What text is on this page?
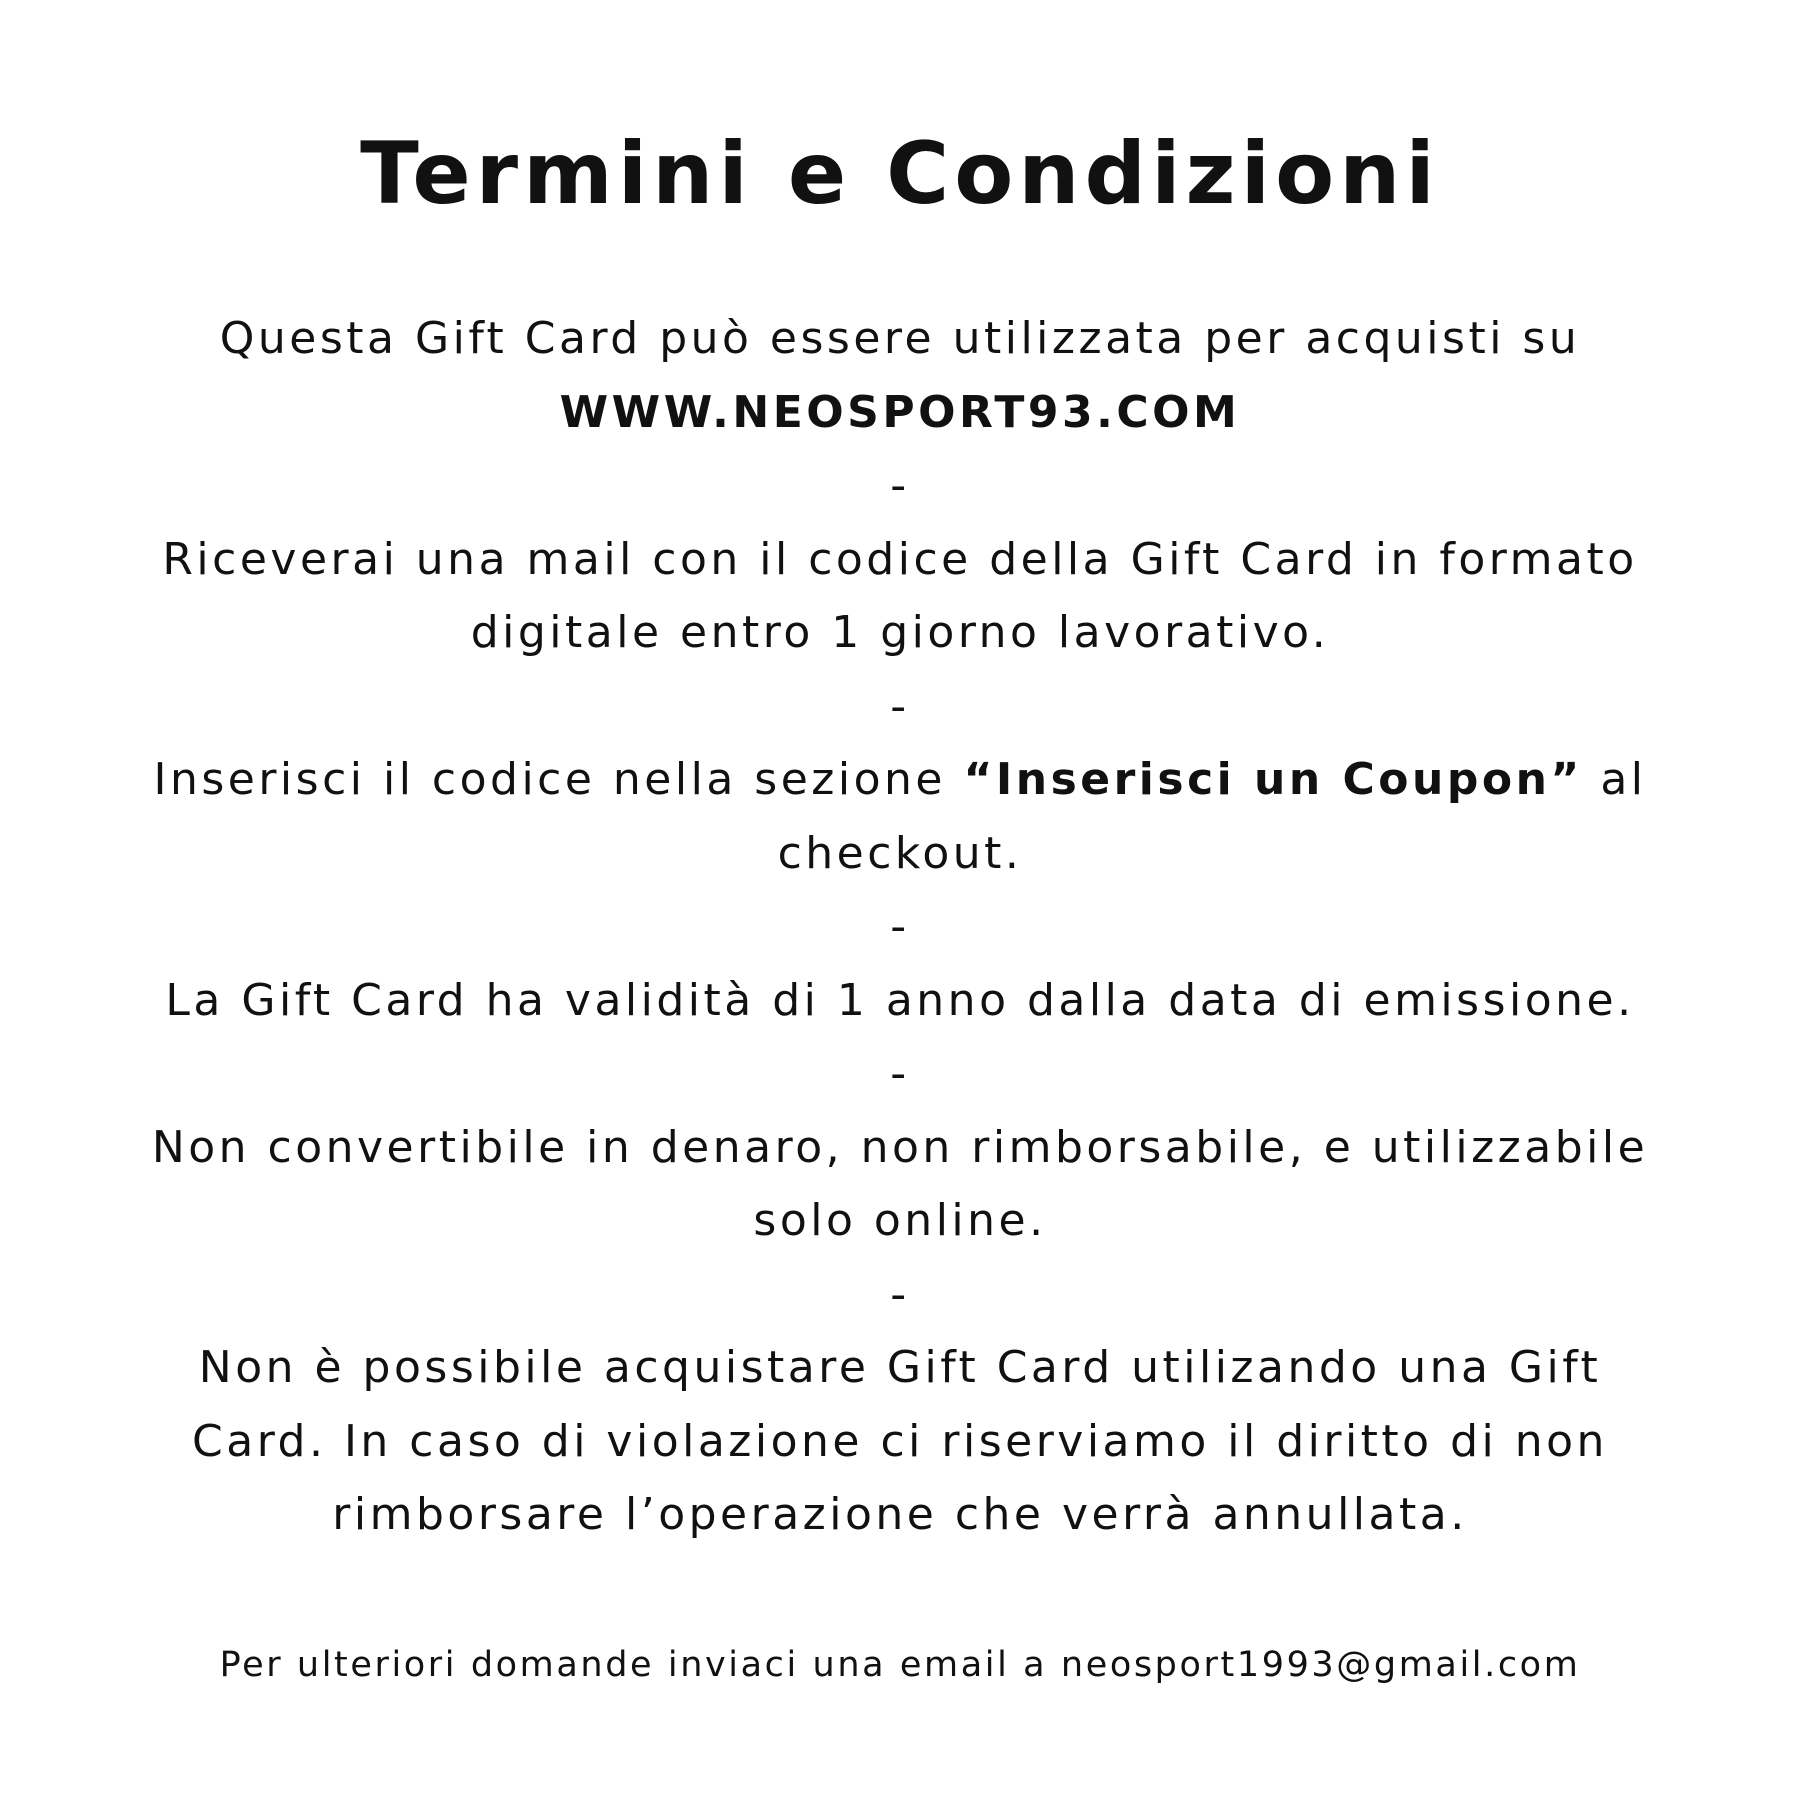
Termini e Condizioni
Questa Gift Card può essere utilizzata per acquisti su
WWW.NEOSPORT93.COM
-
Riceverai una mail con il codice della Gift Card in formato
digitale entro 1 giorno lavorativo.
-
Inserisci il codice nella sezione “Inserisci un Coupon” al
checkout.
-
La Gift Card ha validità di 1 anno dalla data di emissione.
-
Non convertibile in denaro, non rimborsabile, e utilizzabile
solo online.
-
Non è possibile acquistare Gift Card utilizando una Gift
Card. In caso di violazione ci riserviamo il diritto di non
rimborsare l’operazione che verrà annullata.

Per ulteriori domande inviaci una email a neosport1993@gmail.com
